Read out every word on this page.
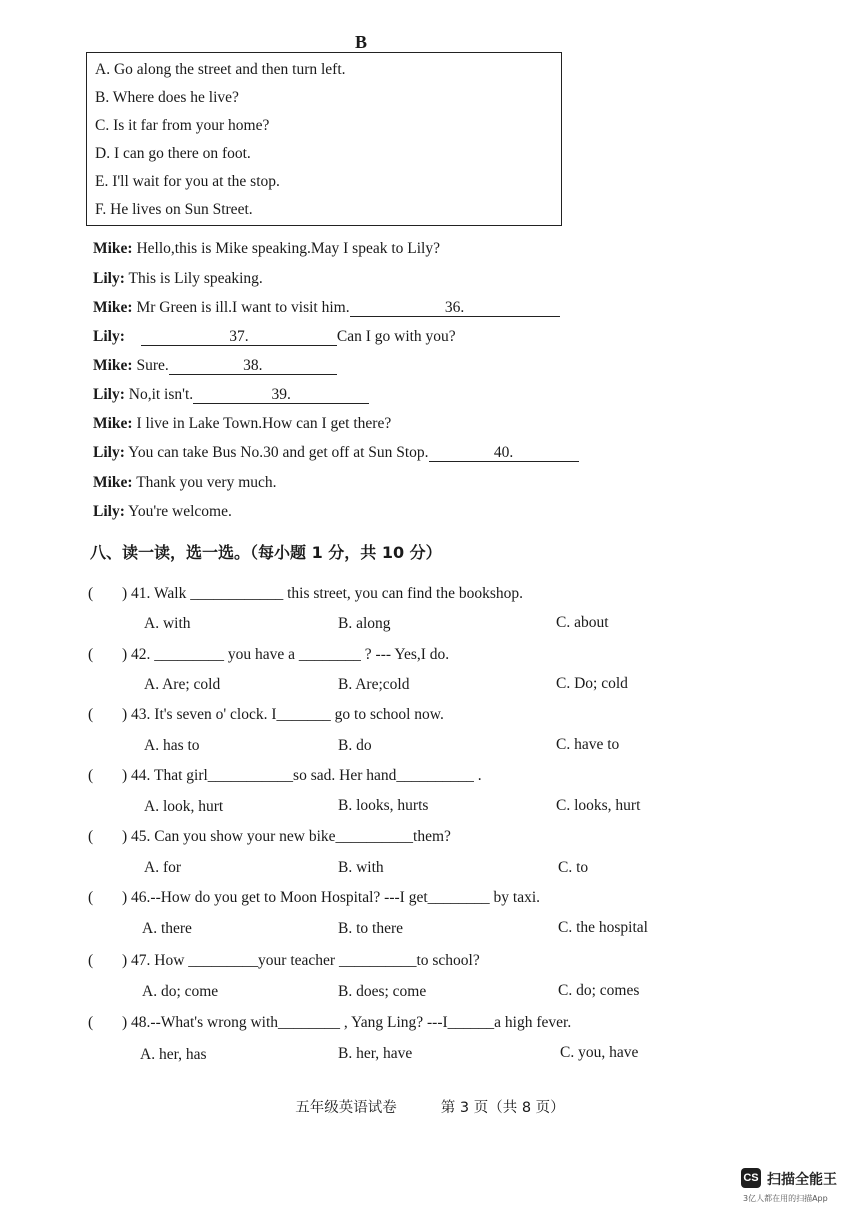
B
A. Go along the street and then turn left.
B. Where does he live?
C. Is it far from your home?
D. I can go there on foot.
E. I'll wait for you at the stop.
F. He lives on Sun Street.
Mike: Hello,this is Mike speaking.May I speak to Lily?
Lily: This is Lily speaking.
Mike: Mr Green is ill.I want to visit him.	36.
Lily:	37.	Can I go with you?
Mike: Sure.	38.
Lily: No,it isn't.	39.
Mike: I live in Lake Town.How can I get there?
Lily: You can take Bus No.30 and get off at Sun Stop.	40.
Mike: Thank you very much.
Lily: You're welcome.
八、读一读，选一选。（每小题 1 分，共 10 分）
( ) 41. Walk ____________ this street, you can find the bookshop.
A. with	B. along	C. about
( ) 42. _________ you have a ________ ? --- Yes,I do.
A. Are; cold	B. Are;cold	C. Do; cold
( ) 43. It's seven o' clock. I_______ go to school now.
A. has to	B. do	C. have to
( ) 44. That girl___________so sad. Her hand__________ .
A. look, hurt	B. looks, hurts	C. looks, hurt
( ) 45. Can you show your new bike__________them?
A. for	B. with	C. to
( ) 46.--How do you get to Moon Hospital? ---I get________ by taxi.
A. there	B. to there	C. the hospital
( ) 47. How _________your teacher __________to school?
A. do; come	B. does; come	C. do; comes
( ) 48.--What's wrong with________ , Yang Ling? ---I______a high fever.
A. her, has	B. her, have	C. you, have
五年级英语试卷	第 3 页（共 8 页）
CS 扫描全能王
3亿人都在用的扫描App
